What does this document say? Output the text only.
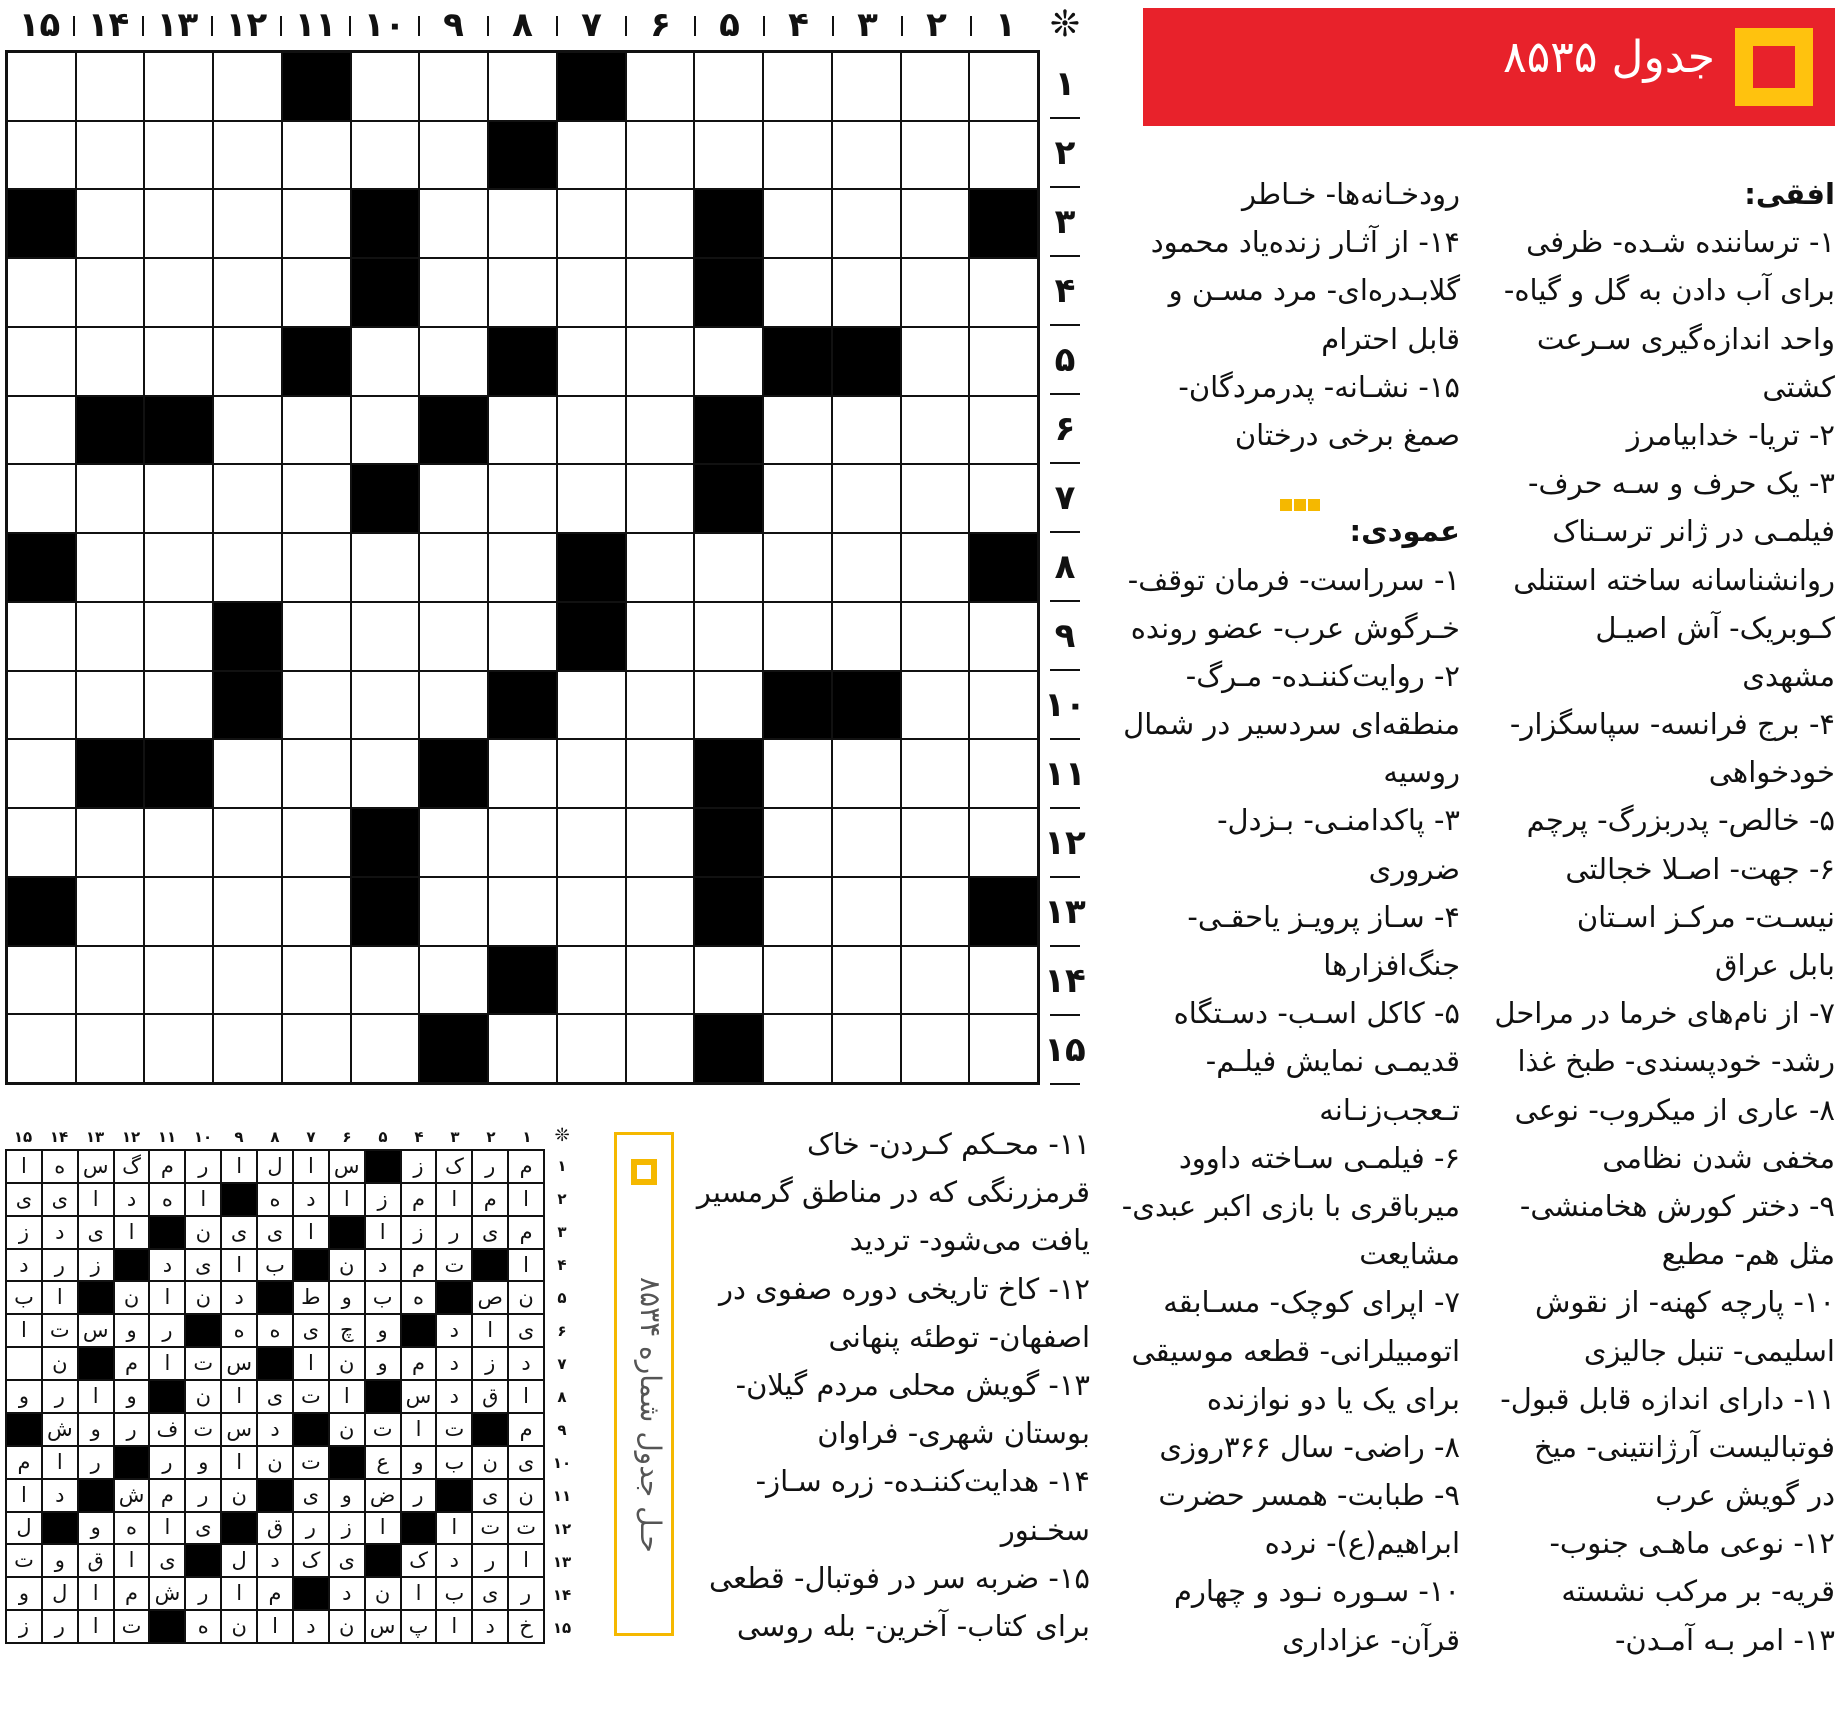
جدول ۸۵۳۵
۱
۲
۳
۴
۵
۶
۷
۸
۹
۱۰
۱۱
۱۲
۱۳
۱۴
۱۵	❊
۱
۲
۳
۴
۵
۶
۷
۸
۹
۱۰
۱۱
۱۲
۱۳
۱۴
۱۵
افقی:
۱- ترساننده شـده- ظرفی
برای آب دادن به گل و گیاه-
واحد اندازه‌گیری سـرعت
کشتی
۲- تریا- خدابیامرز
۳- یک حرف و سـه حرف-
فیلمـی در ژانر ترسـناک
روانشناسانه ساخته استنلی
کـوبریک- آش اصیـل
مشهدی
۴- برج فرانسه- سپاسگزار-
خودخواهی
۵- خالص- پدربزرگ- پرچم
۶- جهت- اصـلا خجالتی
نیسـت- مرکـز اسـتان
بابل عراق
۷- از نام‌های خرما در مراحل
رشد- خودپسندی- طبخ غذا
۸- عاری از میکروب- نوعی
مخفی شدن نظامی
۹- دختر کورش هخامنشی-
مثل هم- مطیع
۱۰- پارچه کهنه- از نقوش
اسلیمی- تنبل جالیزی
۱۱- دارای اندازه قابل قبول-
فوتبالیست آرژانتینی- میخ
در گویش عرب
۱۲- نوعی ماهـی جنوب-
قریه- بر مرکب نشسته
۱۳- امر بـه آمـدن-
رودخـانه‌ها- خـاطر
۱۴- از آثـار زنده‌یاد محمود
گلابـدره‌ای- مرد مسـن و
قابل احترام
۱۵- نشـانه- پدرمردگان-
صمغ برخی درختان
عمودی:
۱- سرراست- فرمان توقف-
خـرگوش عرب- عضو رونده
۲- روایت‌کننـده- مـرگ-
منطقه‌ای سردسیر در شمال
روسیه
۳- پاکدامنـی- بـزدل-
ضروری
۴- سـاز پرویـز یاحقـی-
جنگ‌افزارها
۵- کاکل اسـب- دسـتگاه
قدیمـی نمایش فیلـم-
تـعجب‌زنـانه
۶- فیلمـی سـاخته داوود
میرباقری با بازی اکبر عبدی-
مشایعت
۷- اپرای کوچک- مسـابقه
اتومبیلرانی- قطعه موسیقی
برای یک یا دو نوازنده
۸- راضی- سال ۳۶۶روزی
۹- طبابت- همسر حضرت
ابراهیم(ع)- نرده
۱۰- سـوره نـود و چهارم
قرآن- عزاداری
۱۱- محـکم کـردن- خاک
قرمزرنگی که در مناطق گرمسیر
یافت می‌شود- تردید
۱۲- کاخ تاریخی دوره صفوی در
اصفهان- توطئه پنهانی
۱۳- گویش محلی مردم گیلان-
بوستان شهری- فراوان
۱۴- هدایت‌کننـده- زره سـاز-
سخـنور
۱۵- ضربه سر در فوتبال- قطعی
برای کتاب- آخرین- بله روسی
حـل جدول شماره ۸۵۳۴
۱
۲
۳
۴
۵
۶
۷
۸
۹
۱۰
۱۱
۱۲
۱۳
۱۴
۱۵	❊
م
ر
ک
ز
س
ا
ل
ا
ر
م
گ
س
ه
ا
ا
م
ا
م
ز
ا
د
ه
ا
ه
د
ا
ی
ی
م
ی
ر
ز
ا
ا
ی
ی
ن
ا
ی
د
ز
ا
ت
م
د
ن
ب
ا
ی
د
ز
ر
د
ن
ص
ه
ب
و
ط
د
ن
ا
ن
ا
ب
ی
ا
د
و
چ
ی
ه
ه
ر
و
س
ت
ا
د
ز
د
م
و
ن
ا
س
ت
ا
م
ن
ا
ق
د
س
ا
ت
ی
ا
ن
و
ا
ر
و
م
ت
ا
ت
ن
د
س
ت
ف
ر
و
ش
ی
ن
ب
و
ع
ت
ن
ا
و
ر
ر
ا
م
ن
ی
ر
ض
و
ی
ن
ر
م
ش
د
ا
ت
ت
ا
ا
ز
ر
ق
ی
ا
ه
و
ل
ا
ر
د
ک
ی
ک
د
ل
ی
ا
ق
و
ت
ر
ی
ب
ا
ن
د
م
ا
ر
ش
م
ا
ل
و
خ
د
ا
پ
س
ن
د
ا
ن
ه
ت
ا
ر
ز
۱
۲
۳
۴
۵
۶
۷
۸
۹
۱۰
۱۱
۱۲
۱۳
۱۴
۱۵
